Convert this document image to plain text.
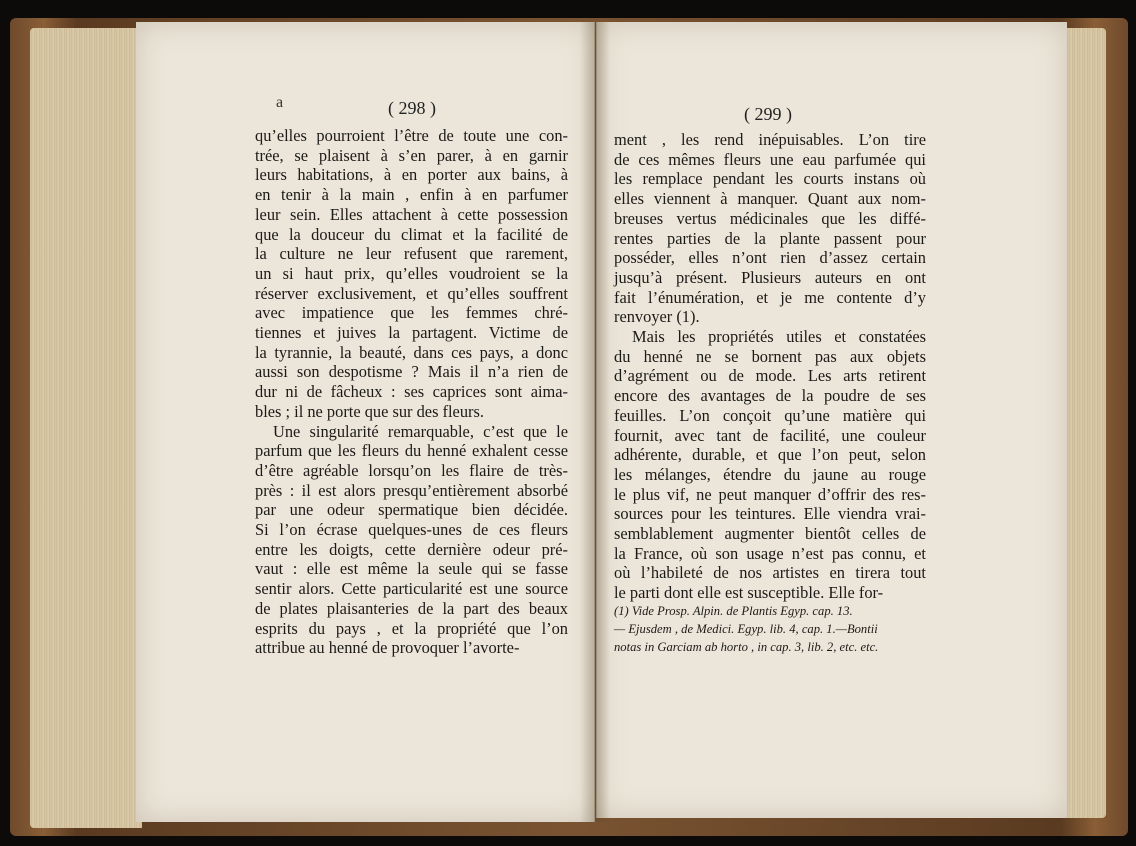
a	( 298 )	( 299 )
qu’elles pourroient l’être de toute une con-
trée, se plaisent à s’en parer, à en garnir
leurs habitations, à en porter aux bains, à
en tenir à la main , enfin à en parfumer
leur sein. Elles attachent à cette possession
que la douceur du climat et la facilité de
la culture ne leur refusent que rarement,
un si haut prix, qu’elles voudroient se la
réserver exclusivement, et qu’elles souffrent
avec impatience que les femmes chré-
tiennes et juives la partagent. Victime de
la tyrannie, la beauté, dans ces pays, a donc
aussi son despotisme ? Mais il n’a rien de
dur ni de fâcheux : ses caprices sont aima-
bles ; il ne porte que sur des fleurs.
Une singularité remarquable, c’est que le
parfum que les fleurs du henné exhalent cesse
d’être agréable lorsqu’on les flaire de très-
près : il est alors presqu’entièrement absorbé
par une odeur spermatique bien décidée.
Si l’on écrase quelques-unes de ces fleurs
entre les doigts, cette dernière odeur pré-
vaut : elle est même la seule qui se fasse
sentir alors. Cette particularité est une source
de plates plaisanteries de la part des beaux
esprits du pays , et la propriété que l’on
attribue au henné de provoquer l’avorte-
ment , les rend inépuisables. L’on tire
de ces mêmes fleurs une eau parfumée qui
les remplace pendant les courts instans où
elles viennent à manquer. Quant aux nom-
breuses vertus médicinales que les diffé-
rentes parties de la plante passent pour
posséder, elles n’ont rien d’assez certain
jusqu’à présent. Plusieurs auteurs en ont
fait l’énumération, et je me contente d’y
renvoyer (1).
Mais les propriétés utiles et constatées
du henné ne se bornent pas aux objets
d’agrément ou de mode. Les arts retirent
encore des avantages de la poudre de ses
feuilles. L’on conçoit qu’une matière qui
fournit, avec tant de facilité, une couleur
adhérente, durable, et que l’on peut, selon
les mélanges, étendre du jaune au rouge
le plus vif, ne peut manquer d’offrir des res-
sources pour les teintures. Elle viendra vrai-
semblablement augmenter bientôt celles de
la France, où son usage n’est pas connu, et
où l’habileté de nos artistes en tirera tout
le parti dont elle est susceptible. Elle for-
(1) Vide Prosp. Alpin. de Plantis Egyp. cap. 13.
— Ejusdem , de Medici. Egyp. lib. 4, cap. 1.—Bontii
notas in Garciam ab horto , in cap. 3, lib. 2, etc. etc.
